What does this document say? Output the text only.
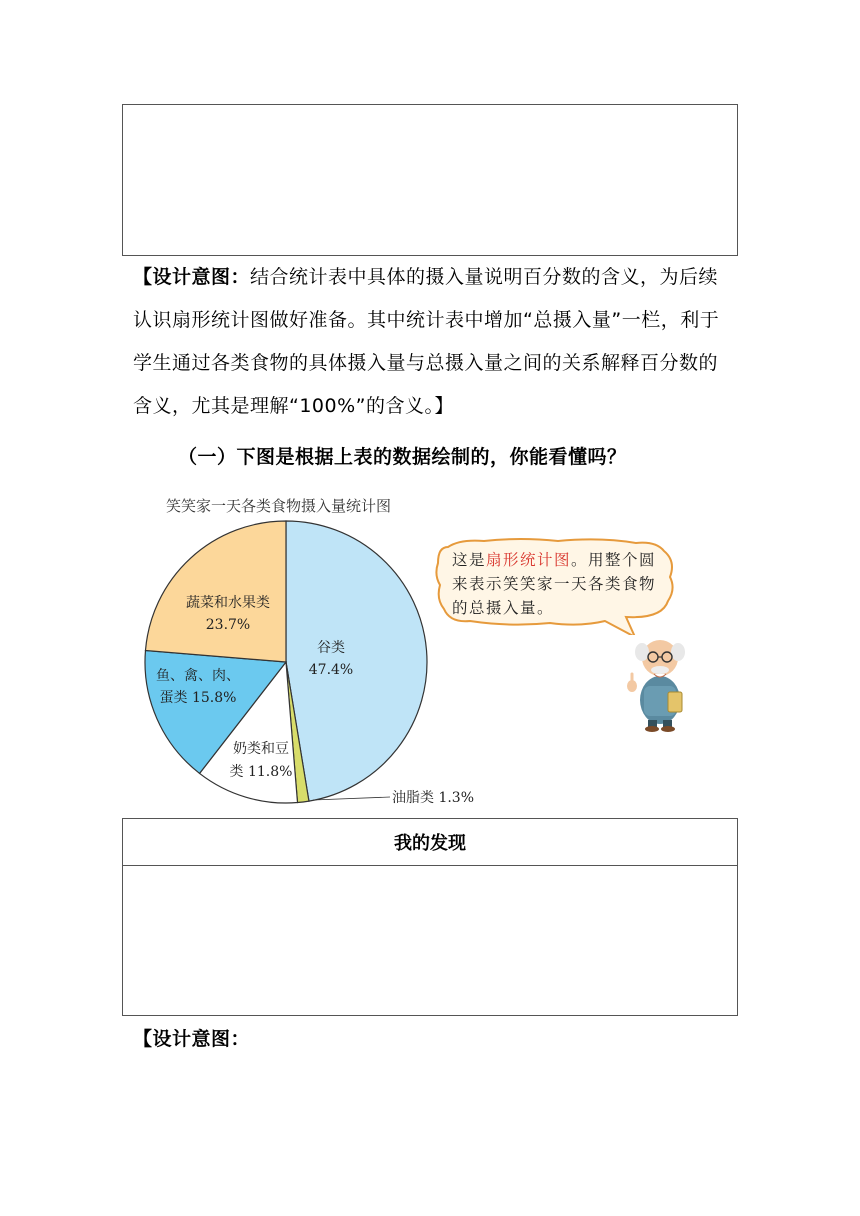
【设计意图：结合统计表中具体的摄入量说明百分数的含义，为后续认识扇形统计图做好准备。其中统计表中增加“总摄入量”一栏，利于学生通过各类食物的具体摄入量与总摄入量之间的关系解释百分数的含义，尤其是理解“100%”的含义。】
（一）下图是根据上表的数据绘制的，你能看懂吗？
笑笑家一天各类食物摄入量统计图
谷类
47.4%
油脂类 1.3%
奶类和豆
类 11.8%
鱼、禽、肉、
蛋类 15.8%
蔬菜和水果类
23.7%
这是扇形统计图。用整个圆来表示笑笑家一天各类食物的总摄入量。
我的发现
【设计意图：
